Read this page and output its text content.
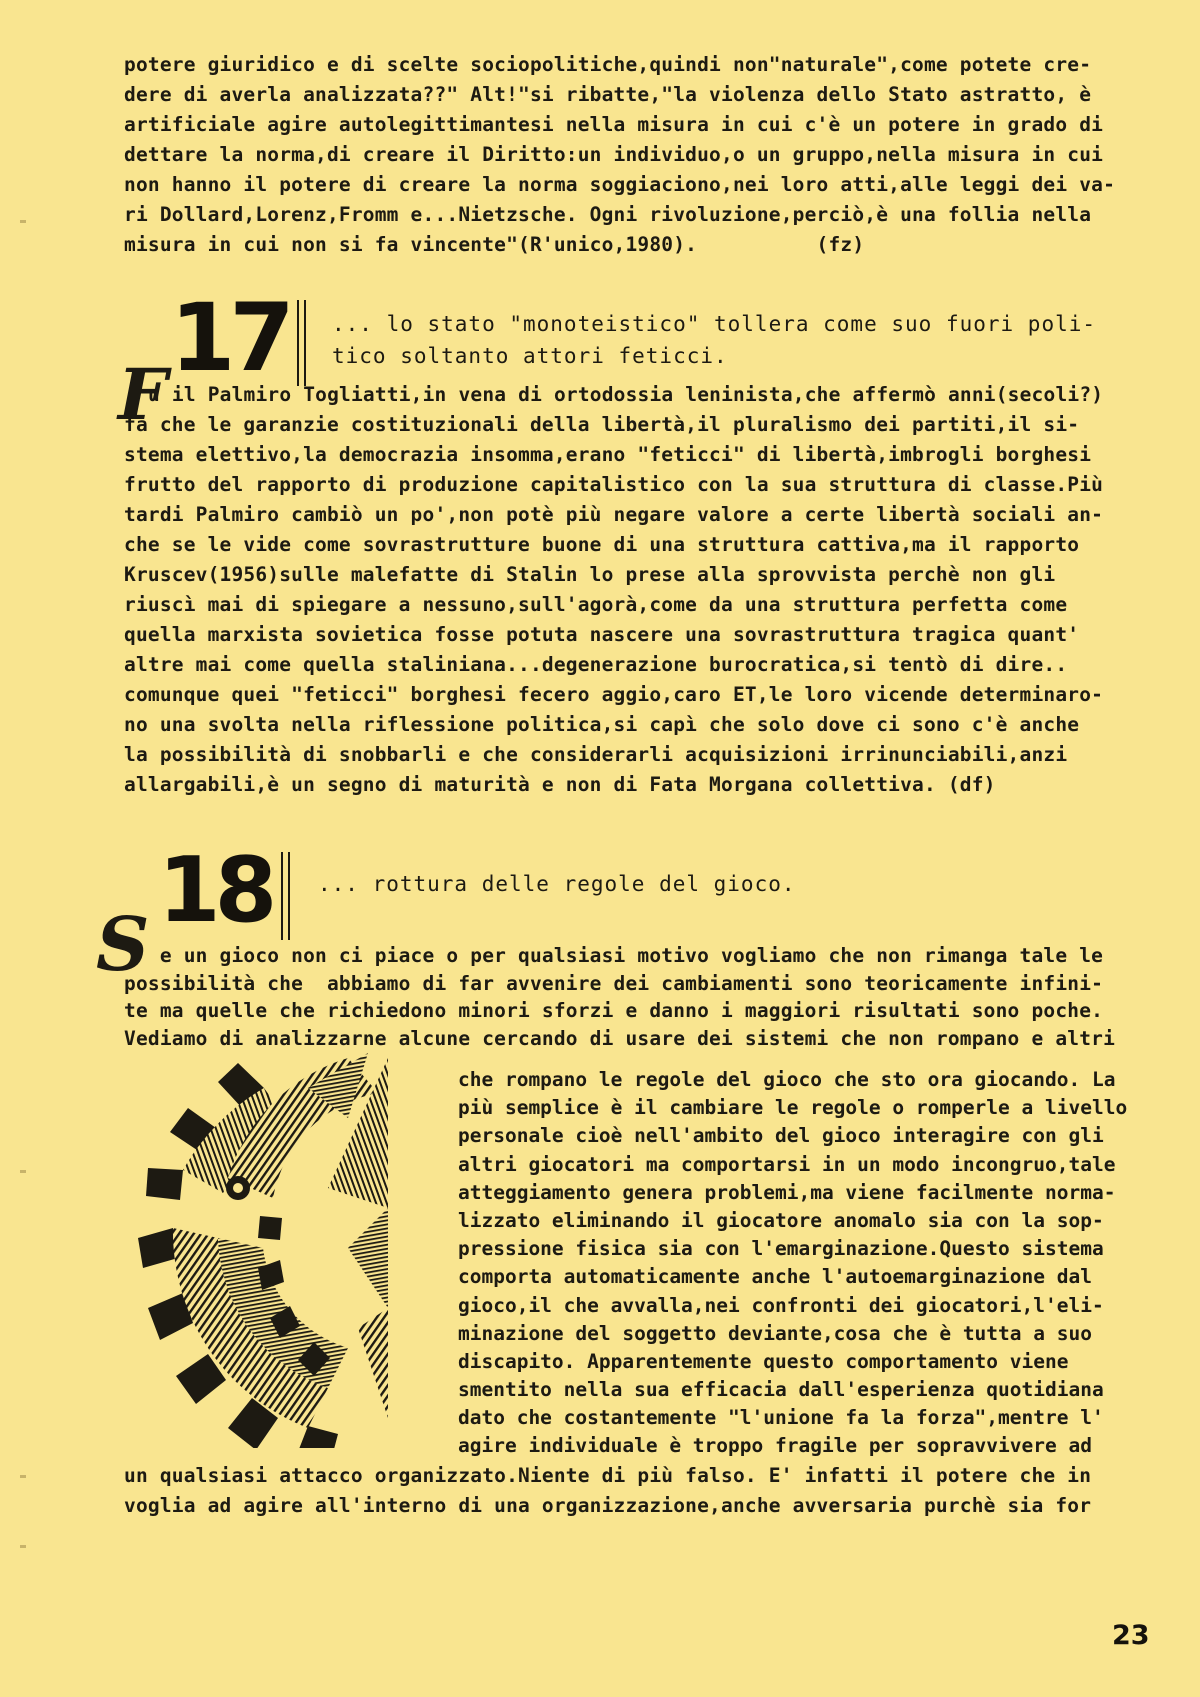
potere giuridico e di scelte sociopolitiche,quindi non"naturale",come potete cre-
dere di averla analizzata??" Alt!"si ribatte,"la violenza dello Stato astratto, è
artificiale agire autolegittimantesi nella misura in cui c'è un potere in grado di
dettare la norma,di creare il Diritto:un individuo,o un gruppo,nella misura in cui
non hanno il potere di creare la norma soggiaciono,nei loro atti,alle leggi dei va-
ri Dollard,Lorenz,Fromm e...Nietzsche. Ogni rivoluzione,perciò,è una follia nella
misura in cui non si fa vincente"(R'unico,1980).          (fz)
17 ... lo stato "monoteistico" tollera come suo fuori poli-
tico soltanto attori feticci.
F
u il Palmiro Togliatti,in vena di ortodossia leninista,che affermò anni(secoli?)
fa che le garanzie costituzionali della libertà,il pluralismo dei partiti,il si-
stema elettivo,la democrazia insomma,erano "feticci" di libertà,imbrogli borghesi
frutto del rapporto di produzione capitalistico con la sua struttura di classe.Più
tardi Palmiro cambiò un po',non potè più negare valore a certe libertà sociali an-
che se le vide come sovrastrutture buone di una struttura cattiva,ma il rapporto
Kruscev(1956)sulle malefatte di Stalin lo prese alla sprovvista perchè non gli
riuscì mai di spiegare a nessuno,sull'agorà,come da una struttura perfetta come
quella marxista sovietica fosse potuta nascere una sovrastruttura tragica quant'
altre mai come quella staliniana...degenerazione burocratica,si tentò di dire..
comunque quei "feticci" borghesi fecero aggio,caro ET,le loro vicende determinaro-
no una svolta nella riflessione politica,si capì che solo dove ci sono c'è anche
la possibilità di snobbarli e che considerarli acquisizioni irrinunciabili,anzi
allargabili,è un segno di maturità e non di Fata Morgana collettiva. (df)
18 ... rottura delle regole del gioco.
S
e un gioco non ci piace o per qualsiasi motivo vogliamo che non rimanga tale le
possibilità che  abbiamo di far avvenire dei cambiamenti sono teoricamente infini-
te ma quelle che richiedono minori sforzi e danno i maggiori risultati sono poche.
Vediamo di analizzarne alcune cercando di usare dei sistemi che non rompano e altri
che rompano le regole del gioco che sto ora giocando. La
più semplice è il cambiare le regole o romperle a livello
personale cioè nell'ambito del gioco interagire con gli
altri giocatori ma comportarsi in un modo incongruo,tale
atteggiamento genera problemi,ma viene facilmente norma-
lizzato eliminando il giocatore anomalo sia con la sop-
pressione fisica sia con l'emarginazione.Questo sistema
comporta automaticamente anche l'autoemarginazione dal
gioco,il che avvalla,nei confronti dei giocatori,l'eli-
minazione del soggetto deviante,cosa che è tutta a suo
discapito. Apparentemente questo comportamento viene
smentito nella sua efficacia dall'esperienza quotidiana
dato che costantemente "l'unione fa la forza",mentre l'
agire individuale è troppo fragile per sopravvivere ad
un qualsiasi attacco organizzato.Niente di più falso. E' infatti il potere che in
voglia ad agire all'interno di una organizzazione,anche avversaria purchè sia for
23
